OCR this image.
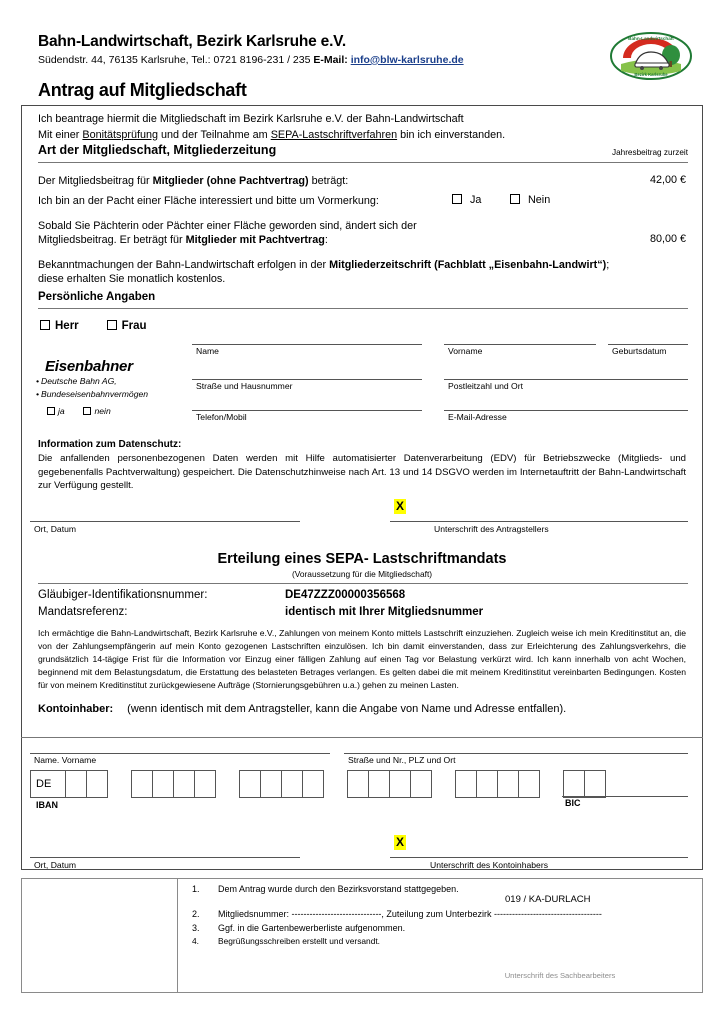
Bahn-Landwirtschaft, Bezirk Karlsruhe e.V.
Südendstr. 44, 76135 Karlsruhe, Tel.: 0721 8196-231 / 235 E-Mail: info@blw-karlsruhe.de
Bahn-Landwirtschaft
Bezirk Karlsruhe
Antrag auf Mitgliedschaft
Ich beantrage hiermit die Mitgliedschaft im Bezirk Karlsruhe e.V. der Bahn-Landwirtschaft
Mit einer Bonitätsprüfung und der Teilnahme am SEPA-Lastschriftverfahren bin ich einverstanden.
Art der Mitgliedschaft, Mitgliederzeitung	Jahresbeitrag zurzeit
Der Mitgliedsbeitrag für Mitglieder (ohne Pachtvertrag) beträgt:	42,00 €
Ich bin an der Pacht einer Fläche interessiert und bitte um Vormerkung:	Ja	Nein
Sobald Sie Pächterin oder Pächter einer Fläche geworden sind, ändert sich der
Mitgliedsbeitrag. Er beträgt für Mitglieder mit Pachtvertrag:	80,00 €
Bekanntmachungen der Bahn-Landwirtschaft erfolgen in der Mitgliederzeitschrift (Fachblatt „Eisenbahn-Landwirt“);
diese erhalten Sie monatlich kostenlos.
Persönliche Angaben
Herr	Frau
Eisenbahner
• Deutsche Bahn AG,
• Bundeseisenbahnvermögen
ja	nein
Name	Vorname	Geburtsdatum
Straße und Hausnummer	Postleitzahl und Ort
Telefon/Mobil	E-Mail-Adresse
Information zum Datenschutz:
Die anfallenden personenbezogenen Daten werden mit Hilfe automatisierter Datenverarbeitung (EDV) für Betriebszwecke (Mitglieds- und gegebenenfalls Pachtverwaltung) gespeichert. Die Datenschutzhinweise nach Art. 13 und 14 DSGVO werden im Internetauftritt der Bahn-Landwirtschaft zur Verfügung gestellt.
X
Ort, Datum	Unterschrift des Antragstellers
Erteilung eines SEPA- Lastschriftmandats
(Voraussetzung für die Mitgliedschaft)
Gläubiger-Identifikationsnummer:	DE47ZZZ00000356568
Mandatsreferenz:	identisch mit Ihrer Mitgliedsnummer
Ich ermächtige die Bahn-Landwirtschaft, Bezirk Karlsruhe e.V., Zahlungen von meinem Konto mittels Lastschrift einzuziehen. Zugleich weise ich mein Kreditinstitut an, die von der Zahlungsempfängerin auf mein Konto gezogenen Lastschriften einzulösen. Ich bin damit einverstanden, dass zur Erleichterung des Zahlungsverkehrs, die grundsätzlich 14-tägige Frist für die Information vor Einzug einer fälligen Zahlung auf einen Tag vor Belastung verkürzt wird. Ich kann innerhalb von acht Wochen, beginnend mit dem Belastungsdatum, die Erstattung des belasteten Betrages verlangen. Es gelten dabei die mit meinem Kreditinstitut vereinbarten Bedingungen. Kosten für von meinem Kreditinstitut zurückgewiesene Aufträge (Stornierungsgebühren u.a.) gehen zu meinen Lasten.
Kontoinhaber: (wenn identisch mit dem Antragsteller, kann die Angabe von Name und Adresse entfallen).
Name. Vorname	Straße und Nr., PLZ und Ort
DE
IBAN	BIC
X
Ort, Datum	Unterschrift des Kontoinhabers
1.	Dem Antrag wurde durch den Bezirksvorstand stattgegeben.
2.	Mitgliedsnummer: ------------------------------, Zuteilung zum Unterbezirk ------------------------------------
3.	Ggf. in die Gartenbewerberliste aufgenommen.
4.	Begrüßungsschreiben erstellt und versandt.
019 / KA-DURLACH
Unterschrift des Sachbearbeiters
